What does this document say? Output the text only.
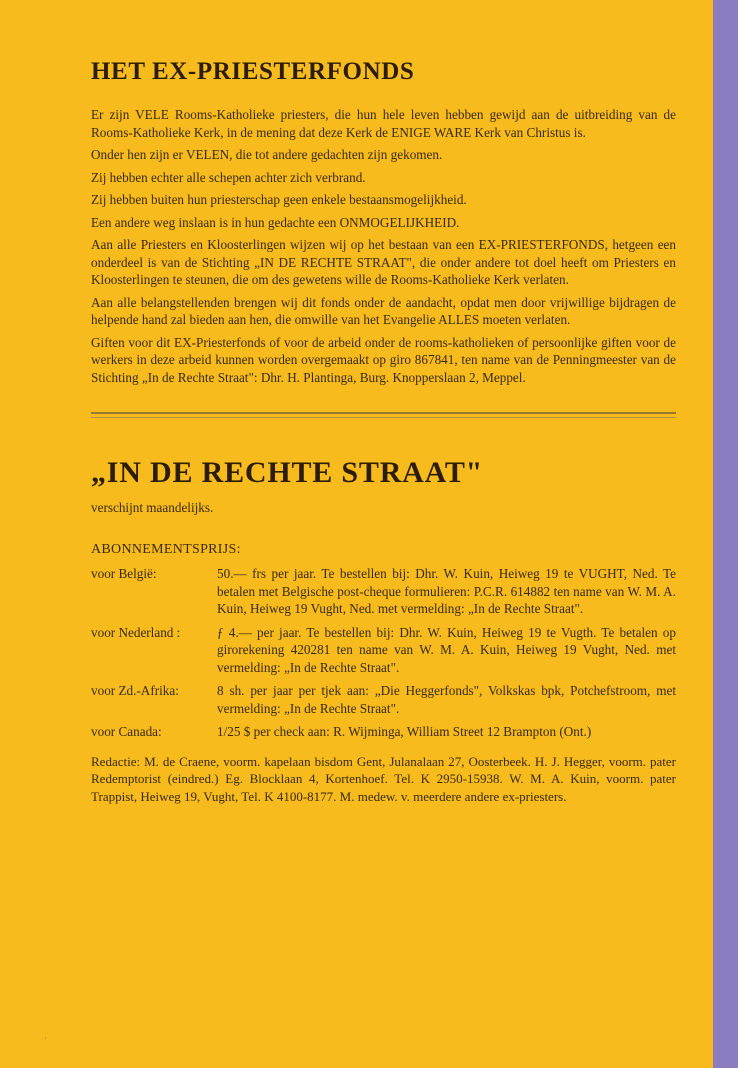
HET EX-PRIESTERFONDS

Er zijn VELE Rooms-Katholieke priesters, die hun hele leven hebben gewijd aan de uitbreiding van de Rooms-Katholieke Kerk, in de mening dat deze Kerk de ENIGE WARE Kerk van Christus is.

Onder hen zijn er VELEN, die tot andere gedachten zijn gekomen.

Zij hebben echter alle schepen achter zich verbrand.

Zij hebben buiten hun priesterschap geen enkele bestaansmogelijkheid.

Een andere weg inslaan is in hun gedachte een ONMOGELIJKHEID.

Aan alle Priesters en Kloosterlingen wijzen wij op het bestaan van een EX-PRIESTERFONDS, hetgeen een onderdeel is van de Stichting „IN DE RECHTE STRAAT", die onder andere tot doel heeft om Priesters en Kloosterlingen te steunen, die om des gewetens wille de Rooms-Katholieke Kerk verlaten.

Aan alle belangstellenden brengen wij dit fonds onder de aandacht, opdat men door vrijwillige bijdragen de helpende hand zal bieden aan hen, die omwille van het Evangelie ALLES moeten verlaten.

Giften voor dit EX-Priesterfonds of voor de arbeid onder de rooms-katholieken of persoonlijke giften voor de werkers in deze arbeid kunnen worden overgemaakt op giro 867841, ten name van de Penningmeester van de Stichting „In de Rechte Straat": Dhr. H. Plantinga, Burg. Knopperslaan 2, Meppel.

„IN DE RECHTE STRAAT"

verschijnt maandelijks.

ABONNEMENTSPRIJS:

voor België:	50.— frs per jaar. Te bestellen bij: Dhr. W. Kuin, Heiweg 19 te VUGHT, Ned. Te betalen met Belgische post-cheque formulieren: P.C.R. 614882 ten name van W. M. A. Kuin, Heiweg 19 Vught, Ned. met vermelding: „In de Rechte Straat".
voor Nederland :	ƒ 4.— per jaar. Te bestellen bij: Dhr. W. Kuin, Heiweg 19 te Vugth. Te betalen op girorekening 420281 ten name van W. M. A. Kuin, Heiweg 19 Vught, Ned. met vermelding: „In de Rechte Straat".
voor Zd.-Afrika:	8 sh. per jaar per tjek aan: „Die Heggerfonds", Volkskas bpk, Potchefstroom, met vermelding: „In de Rechte Straat".
voor Canada:	1/25 $ per check aan: R. Wijminga, William Street 12 Brampton (Ont.)

Redactie: M. de Craene, voorm. kapelaan bisdom Gent, Julanalaan 27, Oosterbeek. H. J. Hegger, voorm. pater Redemptorist (eindred.) Eg. Blocklaan 4, Kortenhoef. Tel. K 2950-15938. W. M. A. Kuin, voorm. pater Trappist, Heiweg 19, Vught, Tel. K 4100-8177. M. medew. v. meerdere andere ex-priesters.

'
